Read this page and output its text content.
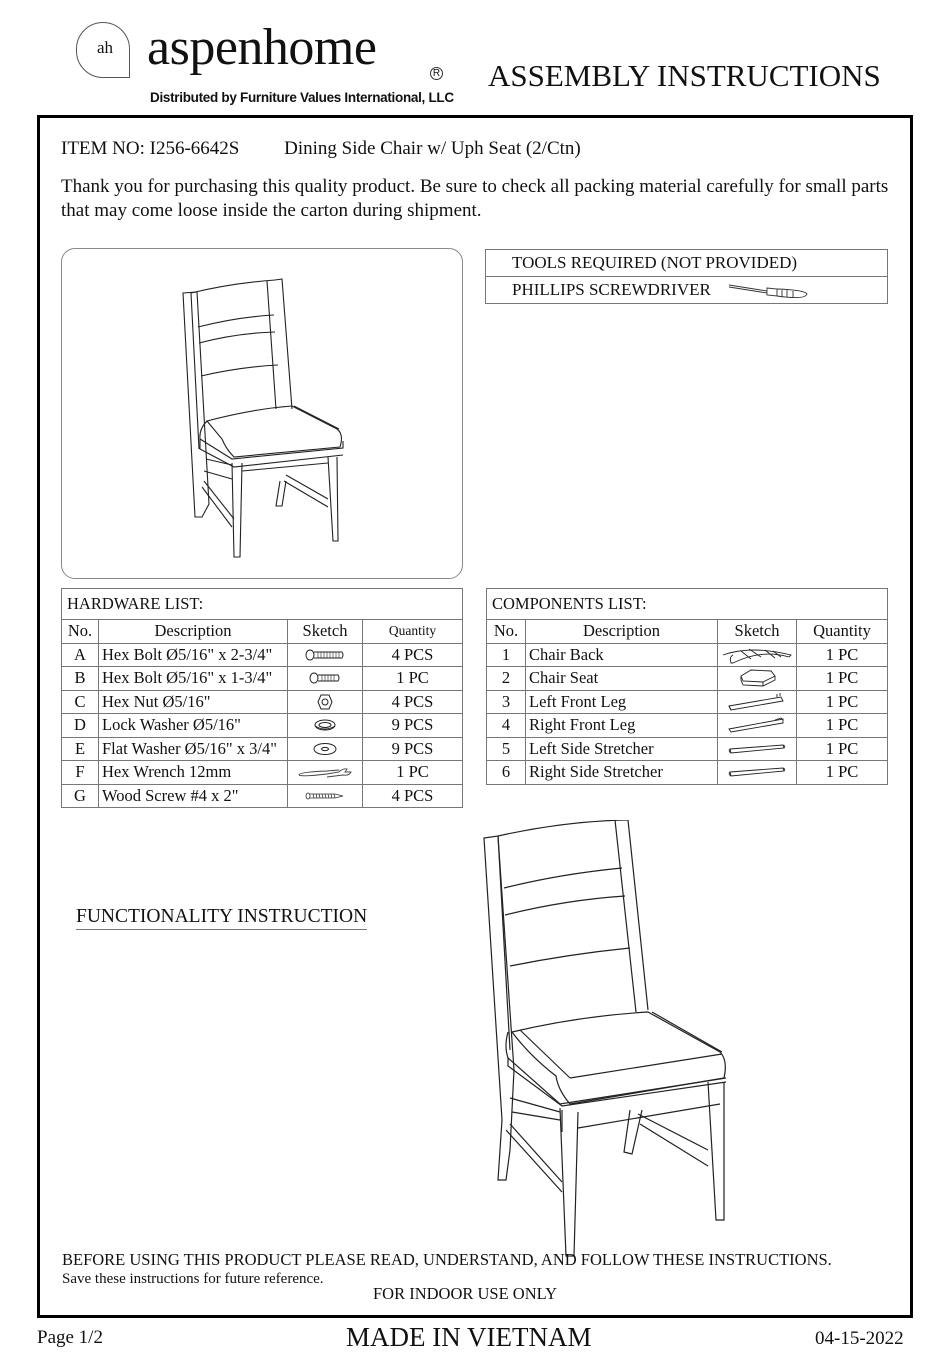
ah aspenhome	R
Distributed by Furniture Values International, LLC
ASSEMBLY INSTRUCTIONS
ITEM NO: I256-6642S Dining Side Chair w/ Uph Seat (2/Ctn)
Thank you for purchasing this quality product. Be sure to check all packing material carefully for small parts that may come loose inside the carton during shipment.
TOOLS REQUIRED (NOT PROVIDED)
PHILLIPS SCREWDRIVER
HARDWARE LIST:			
No.	Description	Sketch	Quantity
A	Hex Bolt Ø5/16" x 2-3/4"		4 PCS
B	Hex Bolt Ø5/16" x 1-3/4"		1 PC
C	Hex Nut Ø5/16"		4 PCS
D	Lock Washer Ø5/16"		9 PCS
E	Flat Washer Ø5/16" x 3/4"		9 PCS
F	Hex Wrench 12mm		1 PC
G	Wood Screw #4 x 2"		4 PCS
COMPONENTS LIST:			
No.	Description	Sketch	Quantity
1	Chair Back		1 PC
2	Chair Seat		1 PC
3	Left Front Leg		1 PC
4	Right Front Leg		1 PC
5	Left Side Stretcher		1 PC
6	Right Side Stretcher		1 PC
FUNCTIONALITY INSTRUCTION
BEFORE USING THIS PRODUCT PLEASE READ, UNDERSTAND, AND FOLLOW THESE INSTRUCTIONS.
Save these instructions for future reference.
FOR INDOOR USE ONLY
Page 1/2	MADE IN VIETNAM	04-15-2022
